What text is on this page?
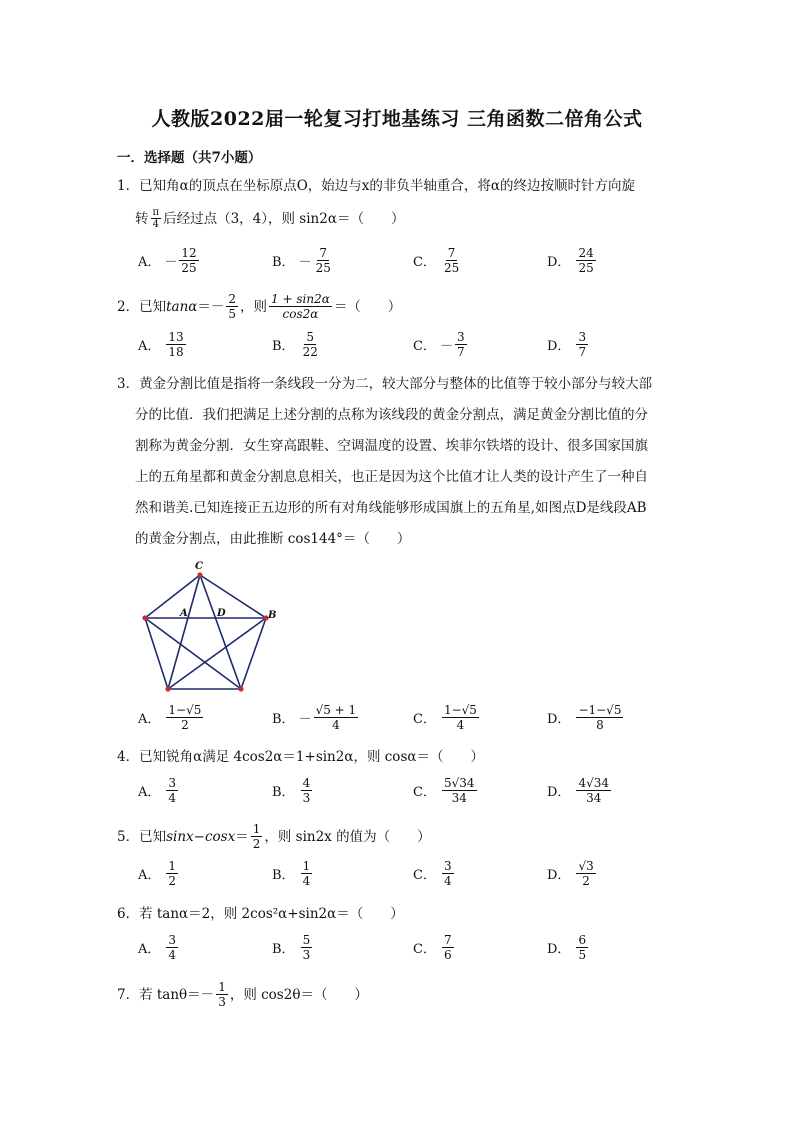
人教版2022届一轮复习打地基练习 三角函数二倍角公式
一．选择题（共7小题）
1．已知角α的顶点在坐标原点O，始边与x的非负半轴重合，将α的终边按顺时针方向旋
转 $\frac{\pi}{4}$ 后经过点（3，4），则 sin2α＝（　　）
A． － $\frac{12}{25}$	B． － $\frac{7}{25}$	C． $\frac{7}{25}$	D． $\frac{24}{25}$
2． 已知 $\tan\alpha =- \frac{2}{5}$ ，则 $\frac{1 + \sin 2\alpha}{\cos 2\alpha}$ ＝（　　）
A． $\frac{13}{18}$	B． $\frac{5}{22}$	C． － $\frac{3}{7}$	D． $\frac{3}{7}$
3．黄金分割比值是指将一条线段一分为二，较大部分与整体的比值等于较小部分与较大部
分的比值．我们把满足上述分割的点称为该线段的黄金分割点，满足黄金分割比值的分
割称为黄金分割．女生穿高跟鞋、空调温度的设置、埃菲尔铁塔的设计、很多国家国旗
上的五角星都和黄金分割息息相关，也正是因为这个比值才让人类的设计产生了一种自
然和谐美.已知连接正五边形的所有对角线能够形成国旗上的五角星,如图点D是线段AB
的黄金分割点，由此推断 cos144°＝（　　）
C
A	D	B
A． $\frac{1-√5}{2}$	B． － $\frac{√5 + 1}{4}$	C． $\frac{1-√5}{4}$	D． $\frac{-1-√5}{8}$
4．已知锐角α满足 4cos2α＝1+sin2α，则 cosα＝（　　）
A． $\frac{3}{4}$	B． $\frac{4}{3}$	C． $\frac{5√34}{34}$	D． $\frac{4√34}{34}$
5． 已知 $\sin x-\cos x = \frac{1}{2}$ ，则 sin2x 的值为（　　）
A． $\frac{1}{2}$	B． $\frac{1}{4}$	C． $\frac{3}{4}$	D． $\frac{√3}{2}$
6．若 tanα＝2，则 2cos²α+sin2α＝（　　）
A． $\frac{3}{4}$	B． $\frac{5}{3}$	C． $\frac{7}{6}$	D． $\frac{6}{5}$
7． 若 $\tan\theta=- \frac{1}{3}$ ，则 cos2θ＝（　　）
